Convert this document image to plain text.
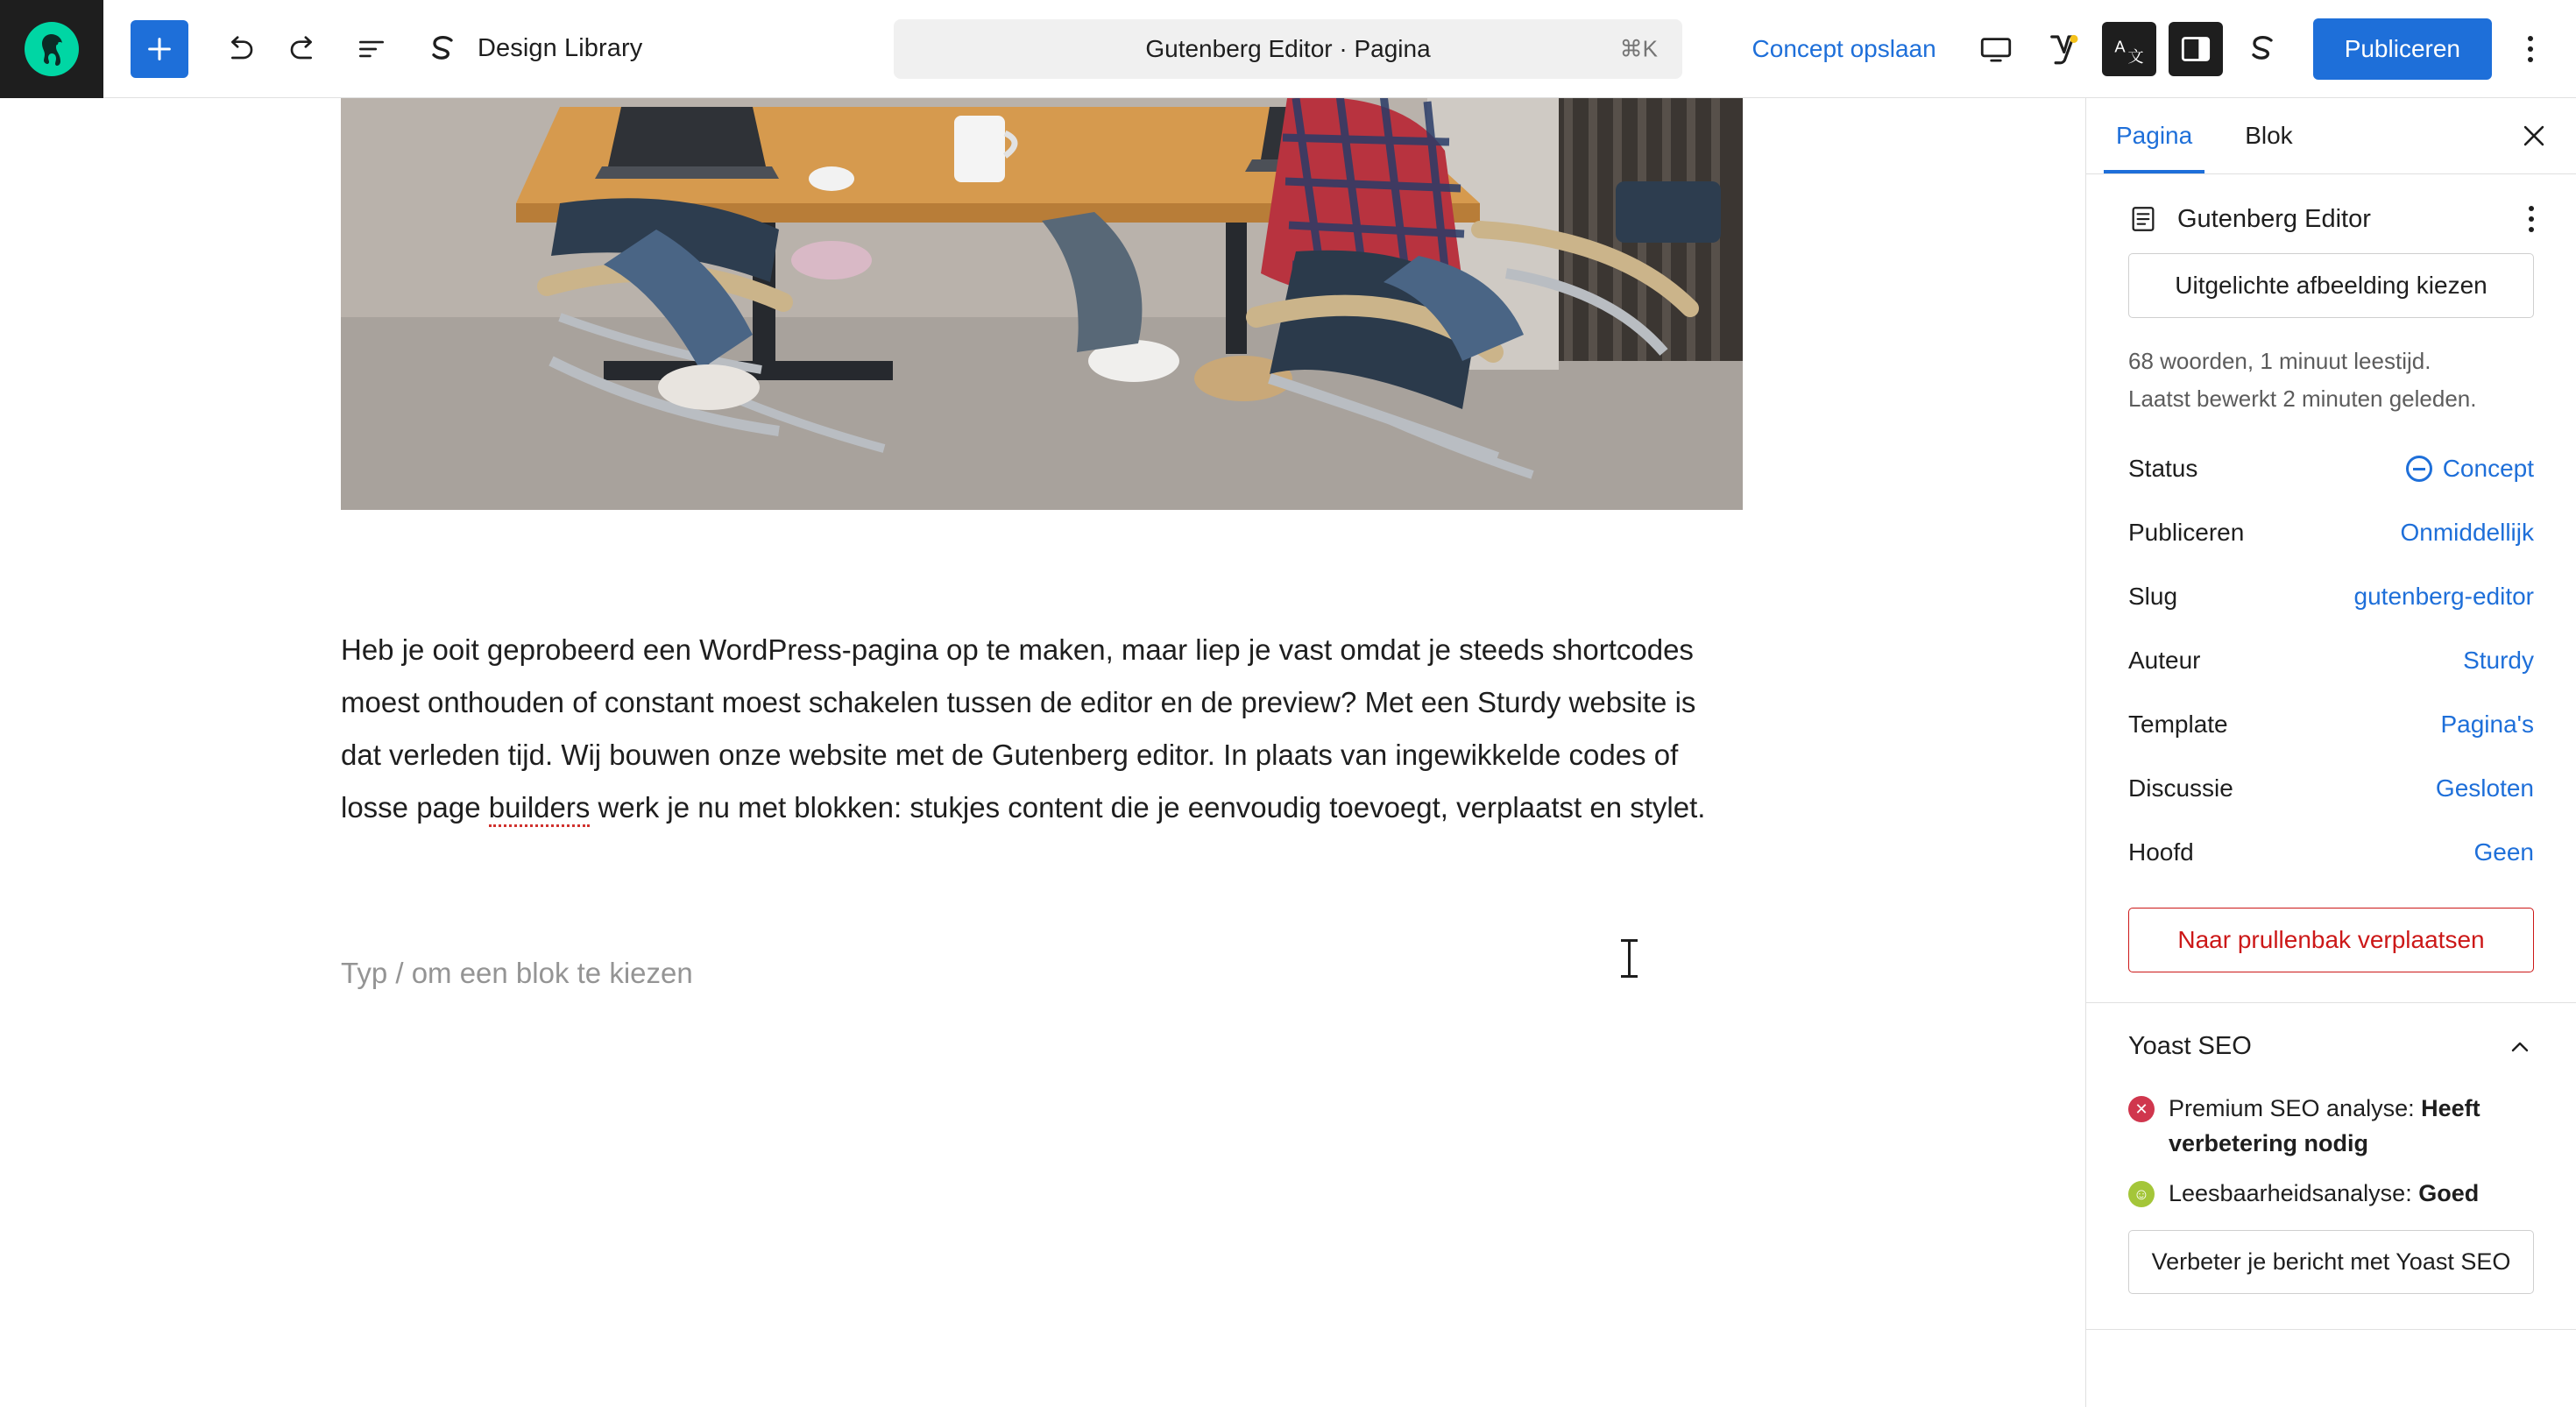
Design Library	Gutenberg Editor · Pagina	⌘K	Concept opslaan	A
文	Publiceren
Heb je ooit geprobeerd een WordPress-pagina op te maken, maar liep je vast omdat je steeds shortcodes moest onthouden of constant moest schakelen tussen de editor en de preview? Met een Sturdy website is dat verleden tijd. Wij bouwen onze website met de Gutenberg editor. In plaats van ingewikkelde codes of losse page builders werk je nu met blokken: stukjes content die je eenvoudig toevoegt, verplaatst en stylet.
Typ / om een blok te kiezen
Pagina	Blok
Gutenberg Editor
Uitgelichte afbeelding kiezen
68 woorden, 1 minuut leestijd.
Laatst bewerkt 2 minuten geleden.
Status	Concept
Publiceren	Onmiddellijk
Slug	gutenberg-editor
Auteur	Sturdy
Template	Pagina's
Discussie	Gesloten
Hoofd	Geen
Naar prullenbak verplaatsen
Yoast SEO
✕ Premium SEO analyse: Heeft verbetering nodig
☺ Leesbaarheidsanalyse: Goed
Verbeter je bericht met Yoast SEO
